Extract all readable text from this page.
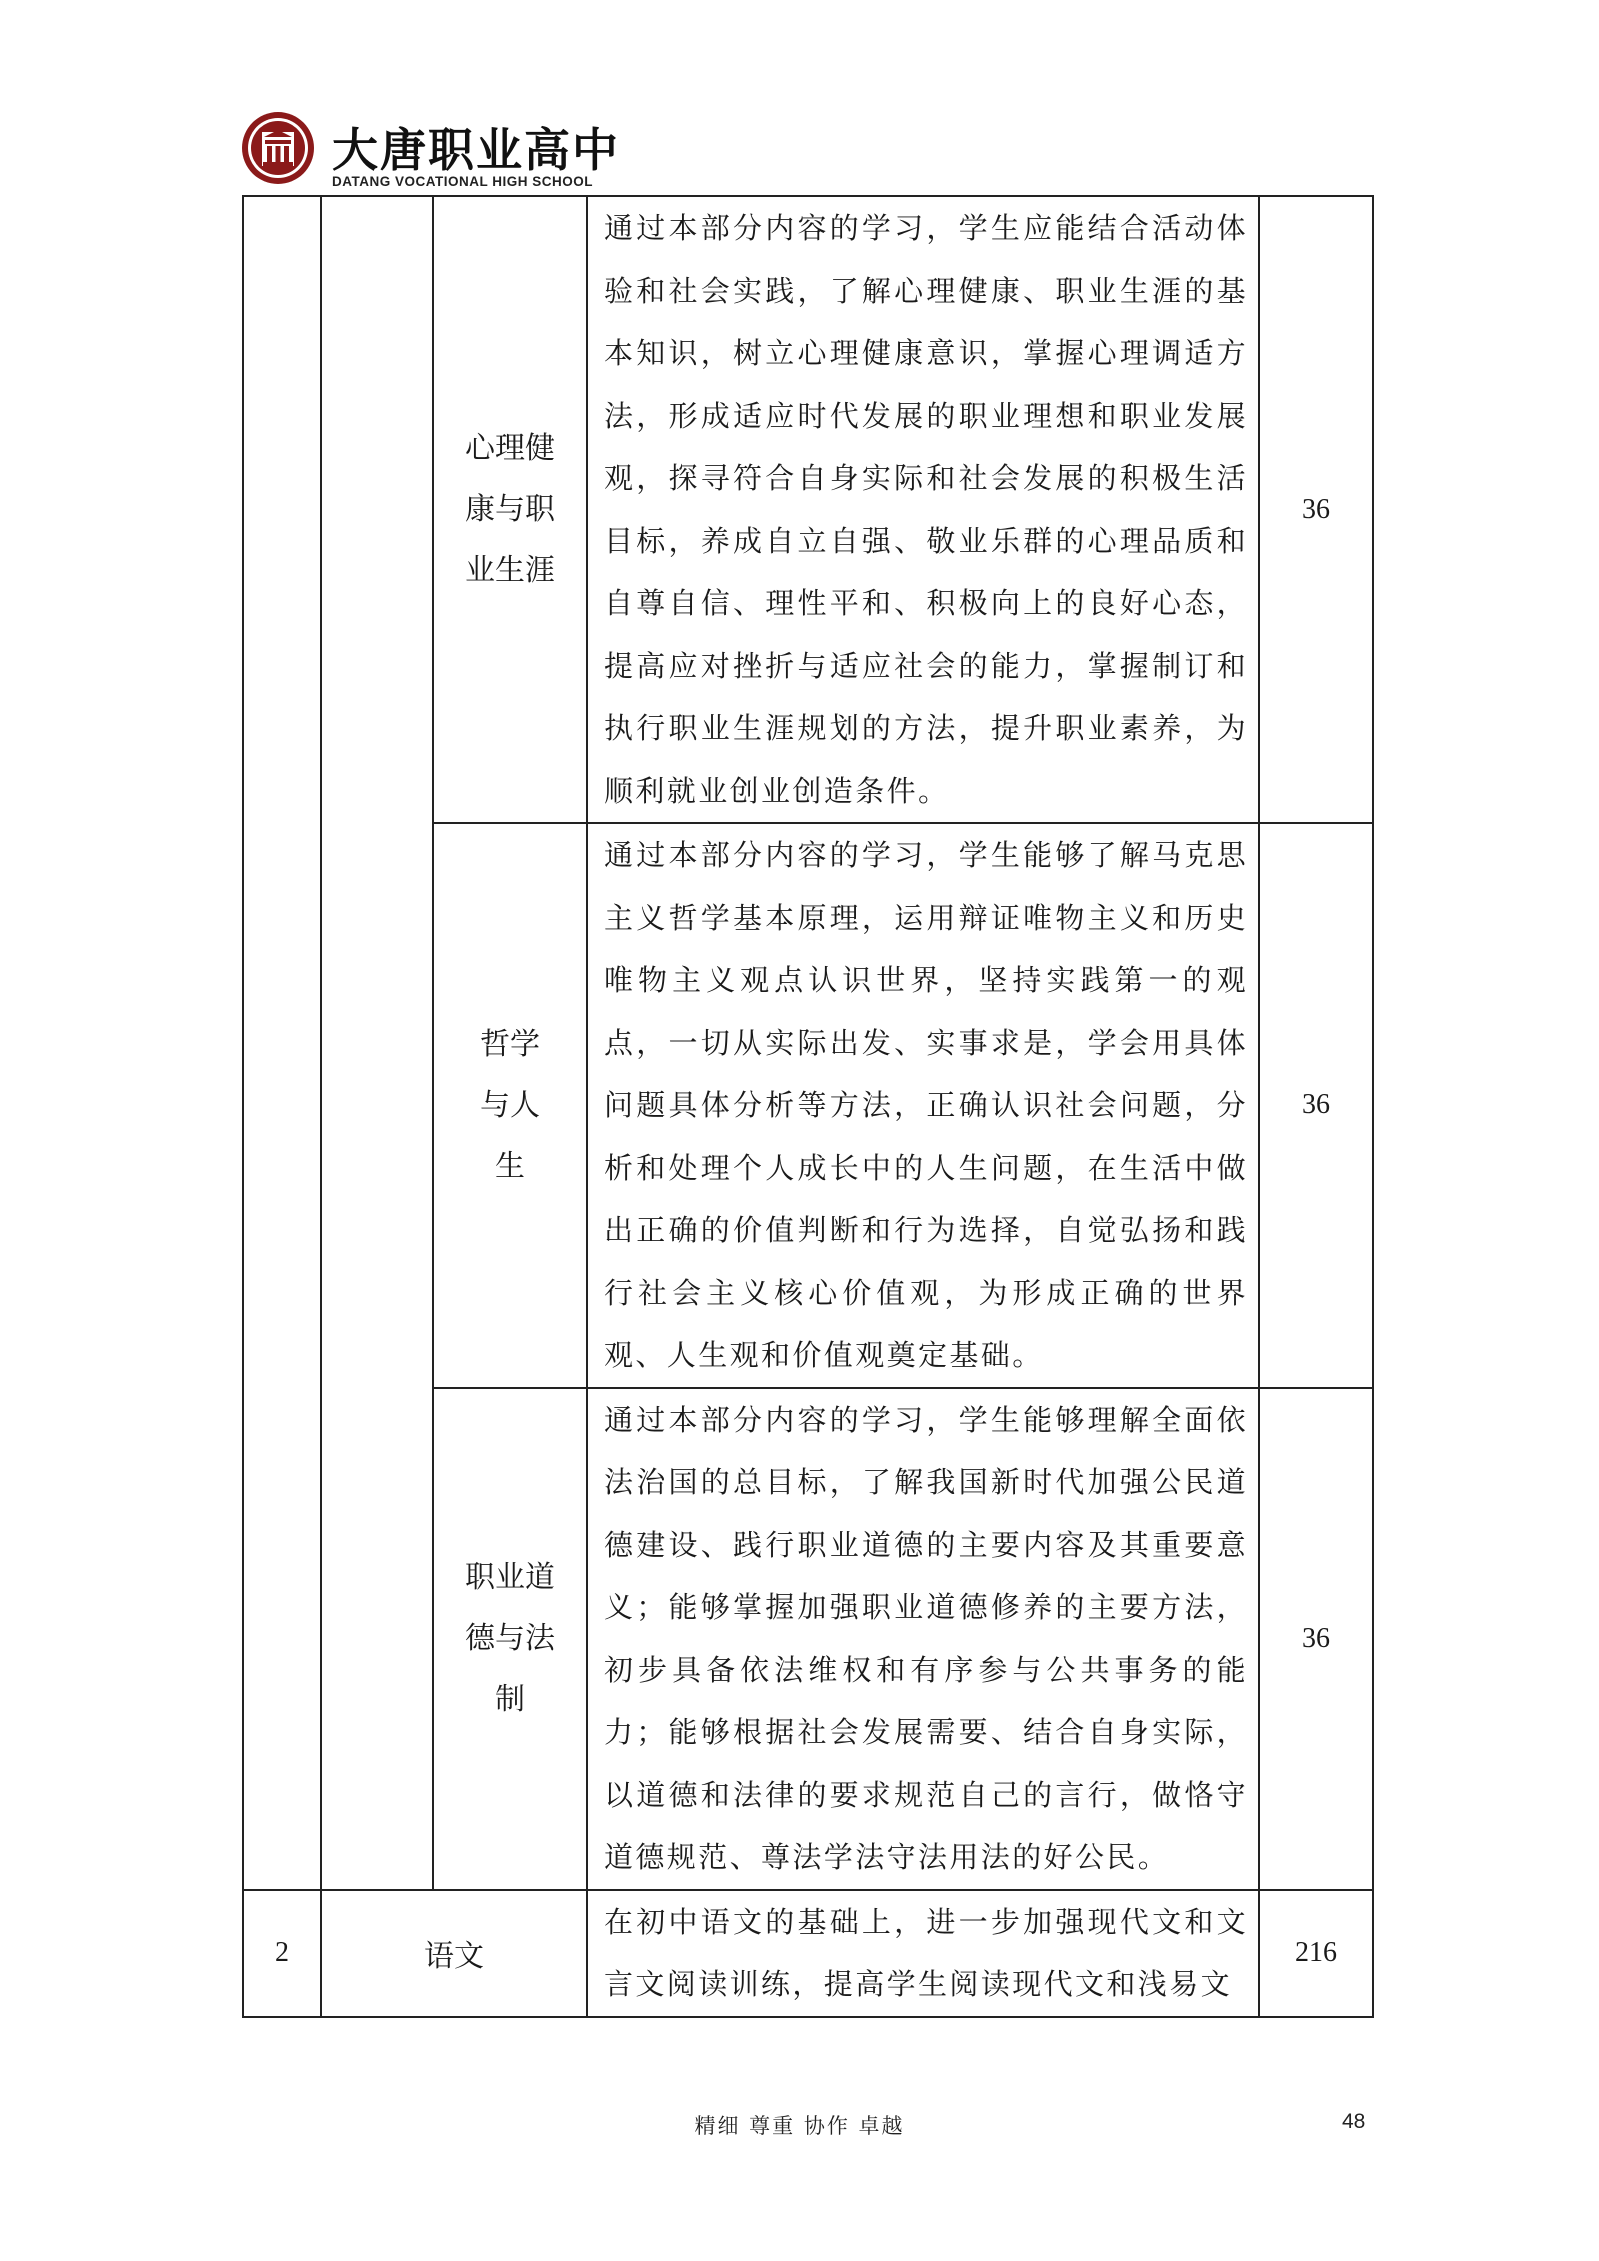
大唐职业高中
DATANG VOCATIONAL HIGH SCHOOL
		心理健康与职业生涯	通过本部分内容的学习，学生应能结合活动体验和社会实践，了解心理健康、职业生涯的基本知识，树立心理健康意识，掌握心理调适方法，形成适应时代发展的职业理想和职业发展观，探寻符合自身实际和社会发展的积极生活目标，养成自立自强、敬业乐群的心理品质和自尊自信、理性平和、积极向上的良好心态，提高应对挫折与适应社会的能力，掌握制订和执行职业生涯规划的方法，提升职业素养，为顺利就业创业创造条件。	36
		哲学与人生	通过本部分内容的学习，学生能够了解马克思主义哲学基本原理，运用辩证唯物主义和历史唯物主义观点认识世界，坚持实践第一的观点，一切从实际出发、实事求是，学会用具体问题具体分析等方法，正确认识社会问题，分析和处理个人成长中的人生问题，在生活中做出正确的价值判断和行为选择，自觉弘扬和践行社会主义核心价值观，为形成正确的世界观、人生观和价值观奠定基础。	36
		职业道德与法制	通过本部分内容的学习，学生能够理解全面依法治国的总目标，了解我国新时代加强公民道德建设、践行职业道德的主要内容及其重要意义；能够掌握加强职业道德修养的主要方法，初步具备依法维权和有序参与公共事务的能力；能够根据社会发展需要、结合自身实际，以道德和法律的要求规范自己的言行，做恪守道德规范、尊法学法守法用法的好公民。	36
2	语文		在初中语文的基础上，进一步加强现代文和文言文阅读训练，提高学生阅读现代文和浅易文	216
精细 尊重 协作 卓越	48
